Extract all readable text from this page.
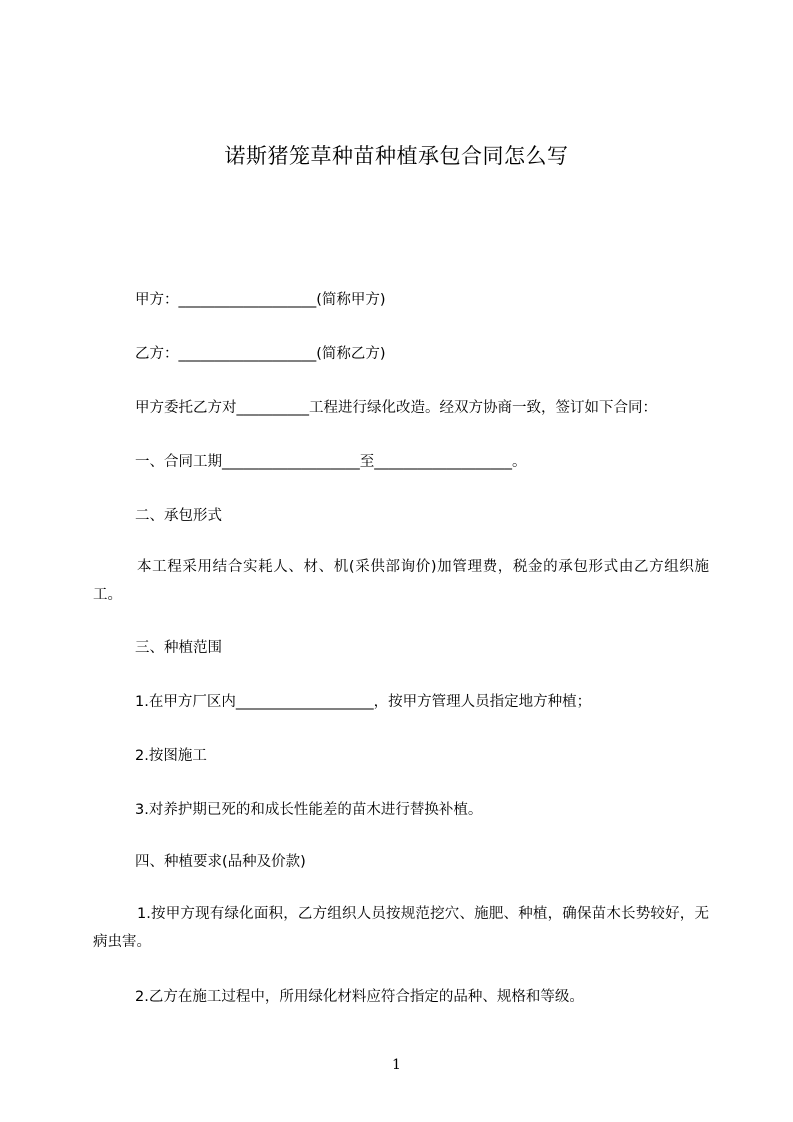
诺斯猪笼草种苗种植承包合同怎么写
甲方：___________________(简称甲方)
乙方：___________________(简称乙方)
甲方委托乙方对__________工程进行绿化改造。经双方协商一致，签订如下合同：
一、合同工期___________________至___________________。
二、承包形式
本工程采用结合实耗人、材、机(采供部询价)加管理费，税金的承包形式由乙方组织施工。
三、种植范围
1.在甲方厂区内___________________，按甲方管理人员指定地方种植；
2.按图施工
3.对养护期已死的和成长性能差的苗木进行替换补植。
四、种植要求(品种及价款)
1.按甲方现有绿化面积，乙方组织人员按规范挖穴、施肥、种植，确保苗木长势较好，无病虫害。
2.乙方在施工过程中，所用绿化材料应符合指定的品种、规格和等级。
1
